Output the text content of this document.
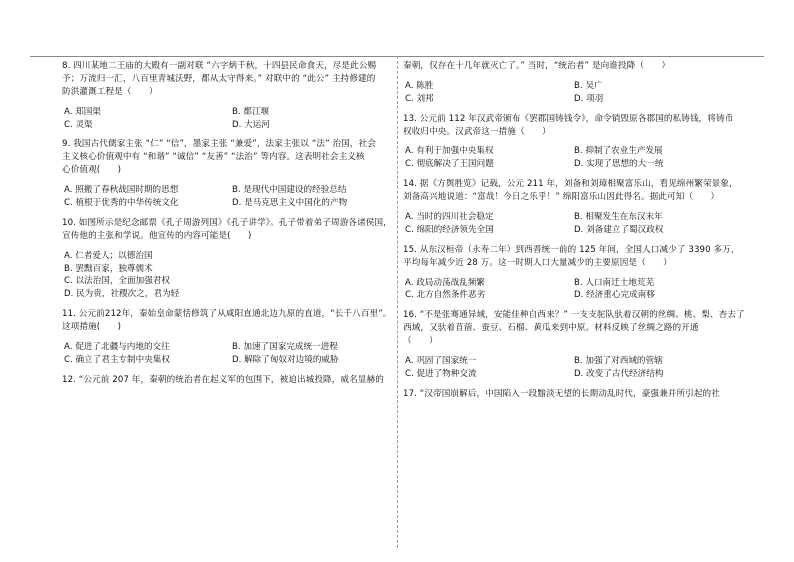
8. 四川某地二王庙的大殿有一副对联 “六字炳千秋，十四县民命食天，尽是此公赐
予；万流归一汇，八百里青城沃野，都从太守得来。” 对联中的 “此公” 主持修建的
防洪灌溉工程是（　　）
A. 郑国渠	B. 都江堰
C. 灵渠	D. 大运河
9. 我国古代儒家主张 “仁” “信”，墨家主张 “兼爱”，法家主张以 “法” 治国，社会
主义核心价值观中有 “和谐” “诚信” “友善” “法治” 等内容。这表明社会主义核
心价值观(　　)
A. 照搬了春秋战国时期的思想	B. 是现代中国建设的经验总结
C. 植根于优秀的中华传统文化	D. 是马克思主义中国化的产物
10. 如图所示是纪念邮票《孔子周游列国》《孔子讲学》。孔子带着弟子周游各诸侯国，
宣传他的主张和学说。他宣传的内容可能是(　　)
A. 仁者爱人；以德治国
B. 罢黜百家，独尊儒术
C. 以法治国，全面加强君权
D. 民为贵，社稷次之，君为轻
11. 公元前212年，秦始皇命蒙恬修筑了从咸阳直通北边九原的直道，“长千八百里”。
这项措施(　　)
A. 促进了北疆与内地的交往	B. 加速了国家完成统一进程
C. 确立了君主专制中央集权	D. 解除了匈奴对边境的威胁
12. “公元前 207 年，秦朝的统治者在起义军的包围下，被迫出城投降，威名显赫的
秦朝，仅存在十几年就灭亡了。” 当时，“统治者” 是向谁投降（　　）
A. 陈胜	B. 吴广
C. 刘邦	D. 项羽
13. 公元前 112 年汉武帝颁布《罢郡国铸钱令》，命令销毁原各郡国的私铸钱，将铸币
权收归中央。汉武帝这一措施（　　）
A. 有利于加强中央集权	B. 抑制了农业生产发展
C. 彻底解决了王国问题	D. 实现了思想的大一统
14. 据《方舆胜览》记载，公元 211 年，刘备和刘璋相聚富乐山，看见绵州繁荣景象，
刘备高兴地说道：“富哉！今日之乐乎！” 绵阳富乐山因此得名。据此可知（　　）
A. 当时的四川社会稳定	B. 相聚发生在东汉末年
C. 绵阳的经济领先全国	D. 刘备建立了蜀汉政权
15. 从东汉桓帝（永寿二年）到西晋统一前的 125 年间，全国人口减少了 3390 多万，
平均每年减少近 28 万。这一时期人口大量减少的主要原因是（　　）
A. 政局动荡战乱频繁	B. 人口南迁土地荒芜
C. 北方自然条件恶劣	D. 经济重心完成南移
16. “不是张骞通异域，安能佳种自西来？” 一支支驼队驮着汉朝的丝绸、桃、梨、杏去了
西域，又驮着苜蓿、蚕豆、石榴、黄瓜来到中原。材料反映了丝绸之路的开通
（　　）
A. 巩固了国家统一	B. 加强了对西域的管辖
C. 促进了物种交流	D. 改变了古代经济结构
17. “汉帝国崩解后，中国陷入一段黯淡无望的长期动乱时代，豪强兼并所引起的社
